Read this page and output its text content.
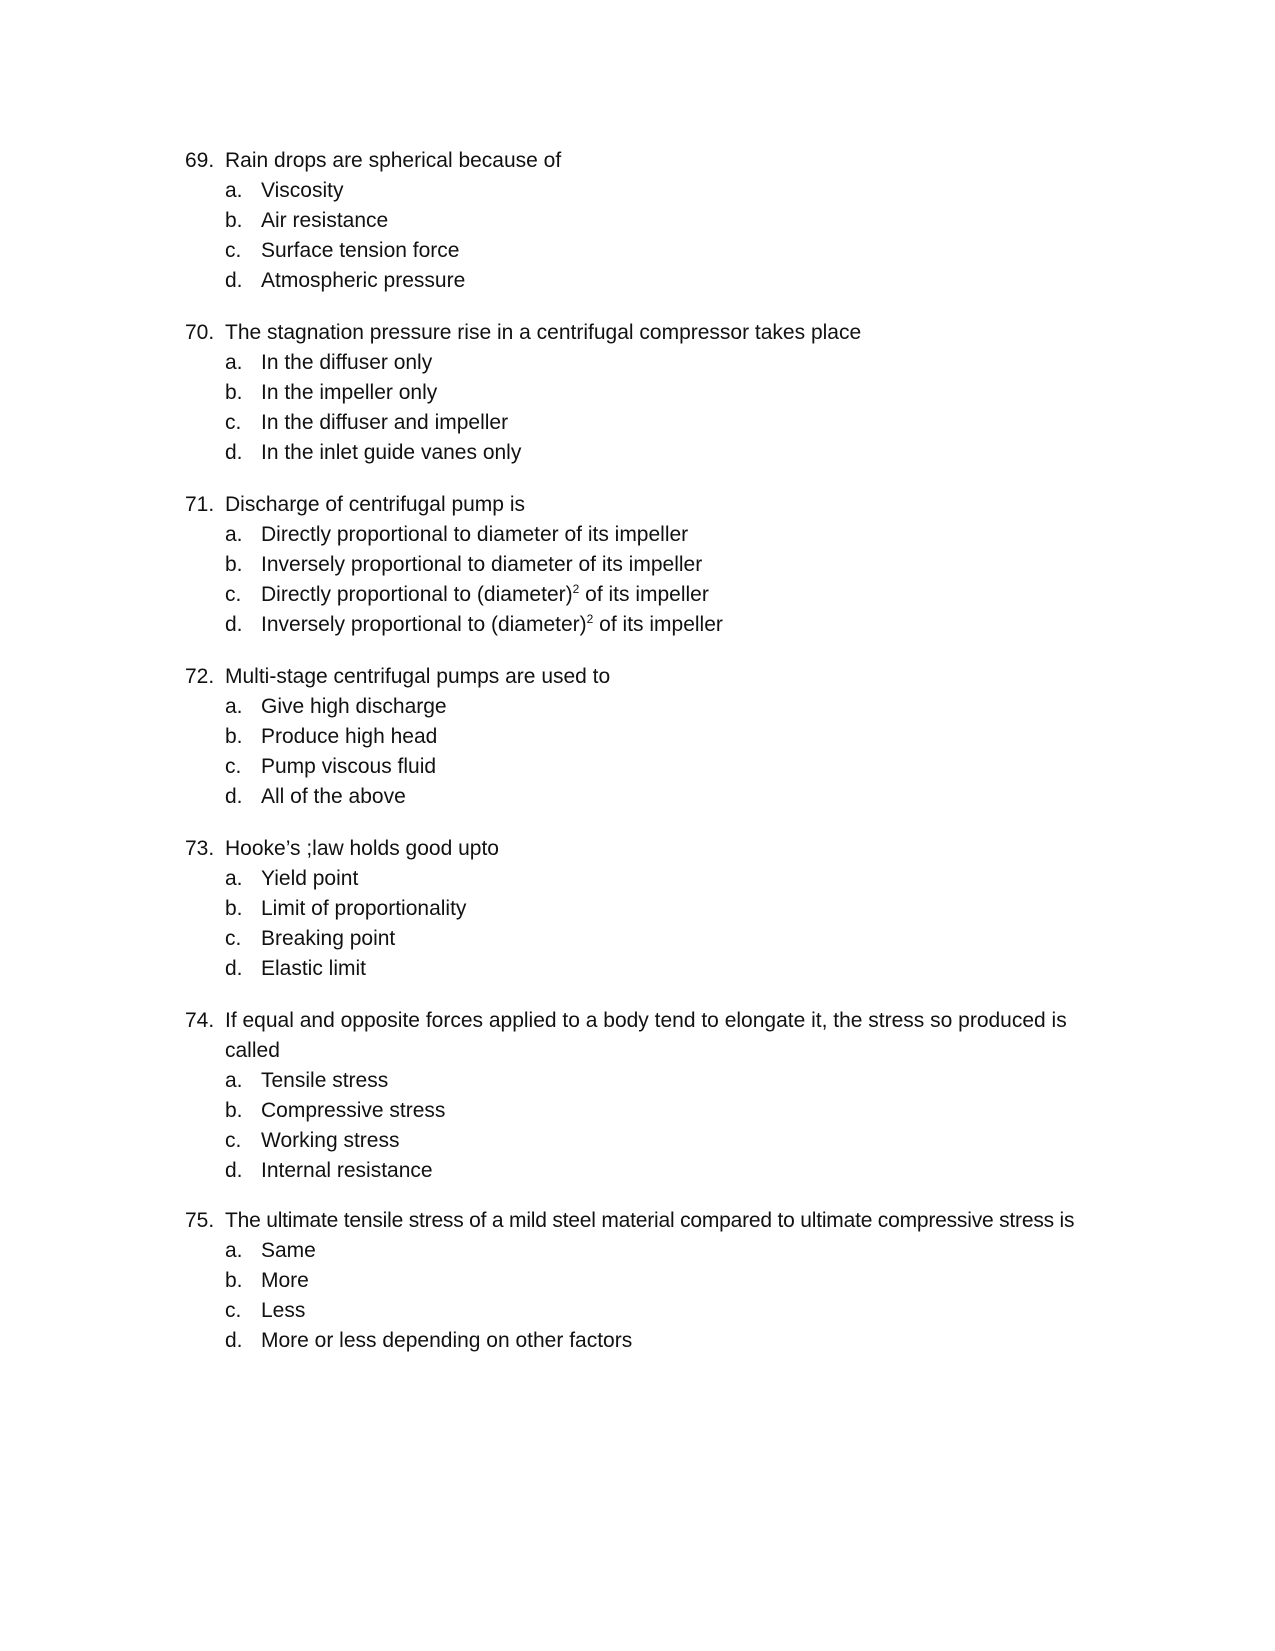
69. Rain drops are spherical because of
a. Viscosity
b. Air resistance
c. Surface tension force
d. Atmospheric pressure
70. The stagnation pressure rise in a centrifugal compressor takes place
a. In the diffuser only
b. In the impeller only
c. In the diffuser and impeller
d. In the inlet guide vanes only
71. Discharge of centrifugal pump is
a. Directly proportional to diameter of its impeller
b. Inversely proportional to diameter of its impeller
c. Directly proportional to (diameter)$^2$ of its impeller
d. Inversely proportional to (diameter)$^2$ of its impeller
72. Multi-stage centrifugal pumps are used to
a. Give high discharge
b. Produce high head
c. Pump viscous fluid
d. All of the above
73. Hooke’s ;law holds good upto
a. Yield point
b. Limit of proportionality
c. Breaking point
d. Elastic limit
74. If equal and opposite forces applied to a body tend to elongate it, the stress so produced is called
a. Tensile stress
b. Compressive stress
c. Working stress
d. Internal resistance
75. The ultimate tensile stress of a mild steel material compared to ultimate compressive stress is
a. Same
b. More
c. Less
d. More or less depending on other factors
